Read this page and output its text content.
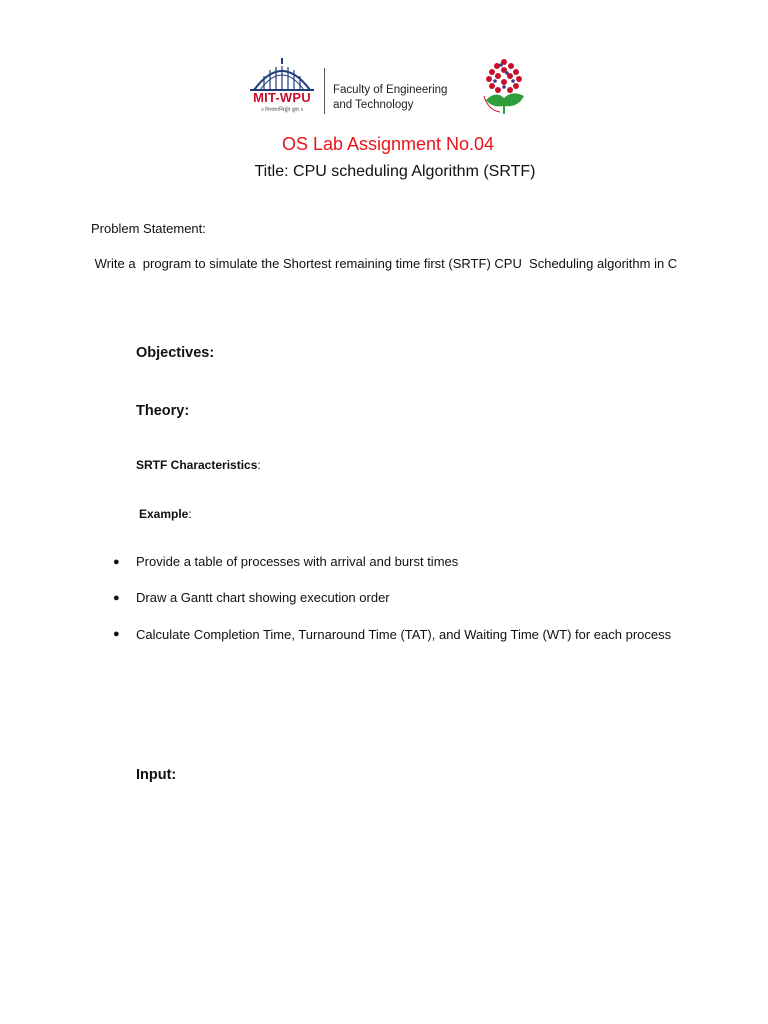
MIT-WPU
॥ विश्वशान्तिर्ध्रुवं ध्रुवा ॥
Faculty of Engineering
and Technology
OS Lab Assignment No.04
Title: CPU scheduling Algorithm (SRTF)
Problem Statement:
Write a  program to simulate the Shortest remaining time first (SRTF) CPU  Scheduling algorithm in C
Objectives:
Theory:
SRTF Characteristics:
Example:
● Provide a table of processes with arrival and burst times
● Draw a Gantt chart showing execution order
● Calculate Completion Time, Turnaround Time (TAT), and Waiting Time (WT) for each process
Input:
